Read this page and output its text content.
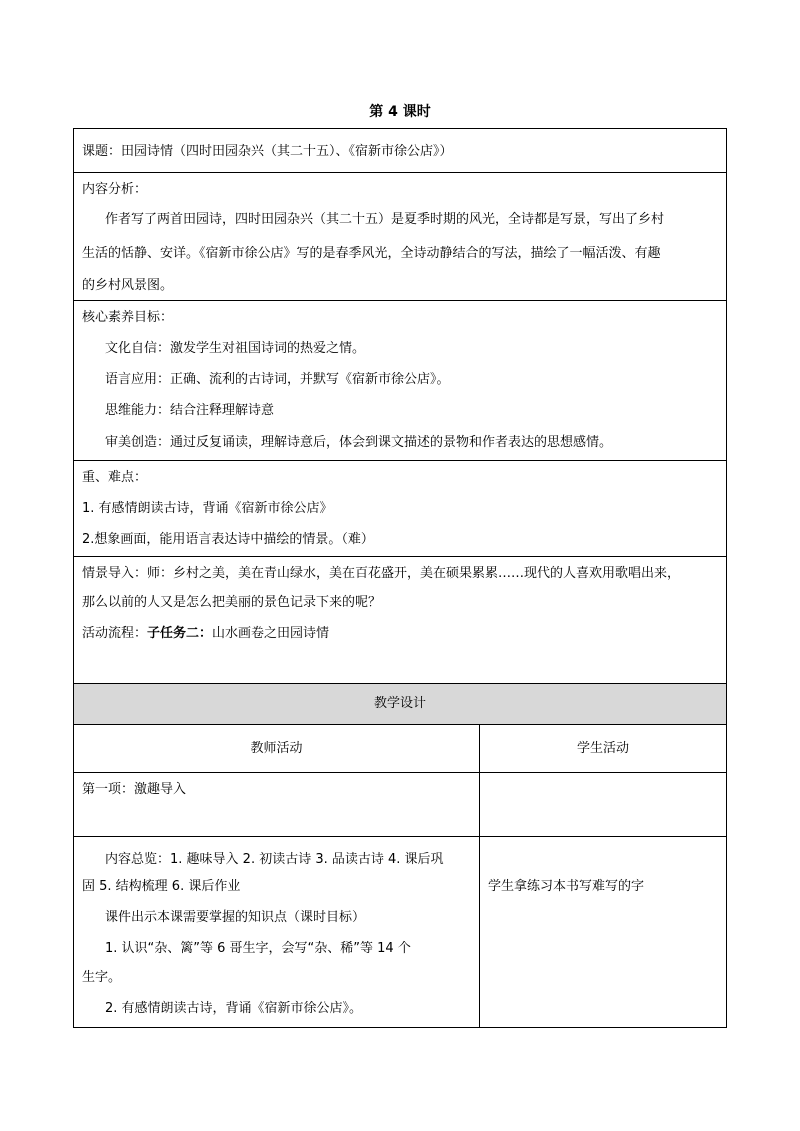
第 4 课时
课题：田园诗情（四时田园杂兴（其二十五）、《宿新市徐公店》）
内容分析：
作者写了两首田园诗，四时田园杂兴（其二十五）是夏季时期的风光，全诗都是写景，写出了乡村
生活的恬静、安详。《宿新市徐公店》写的是春季风光，全诗动静结合的写法，描绘了一幅活泼、有趣
的乡村风景图。
核心素养目标：
文化自信：激发学生对祖国诗词的热爱之情。
语言应用：正确、流利的古诗词，并默写《宿新市徐公店》。
思维能力：结合注释理解诗意
审美创造：通过反复诵读，理解诗意后，体会到课文描述的景物和作者表达的思想感情。
重、难点：
1. 有感情朗读古诗，背诵《宿新市徐公店》
2.想象画面，能用语言表达诗中描绘的情景。（难）
情景导入：师：乡村之美，美在青山绿水，美在百花盛开，美在硕果累累……现代的人喜欢用歌唱出来，
那么以前的人又是怎么把美丽的景色记录下来的呢？
活动流程：子任务二：山水画卷之田园诗情
教学设计
教师活动	学生活动
第一项：激趣导入
内容总览：1. 趣味导入 2. 初读古诗 3. 品读古诗 4. 课后巩
固 5. 结构梳理 6. 课后作业
课件出示本课需要掌握的知识点（课时目标）
1. 认识“杂、篱”等 6 哥生字，会写“杂、稀”等 14 个
生字。
2. 有感情朗读古诗，背诵《宿新市徐公店》。
学生拿练习本书写难写的字
